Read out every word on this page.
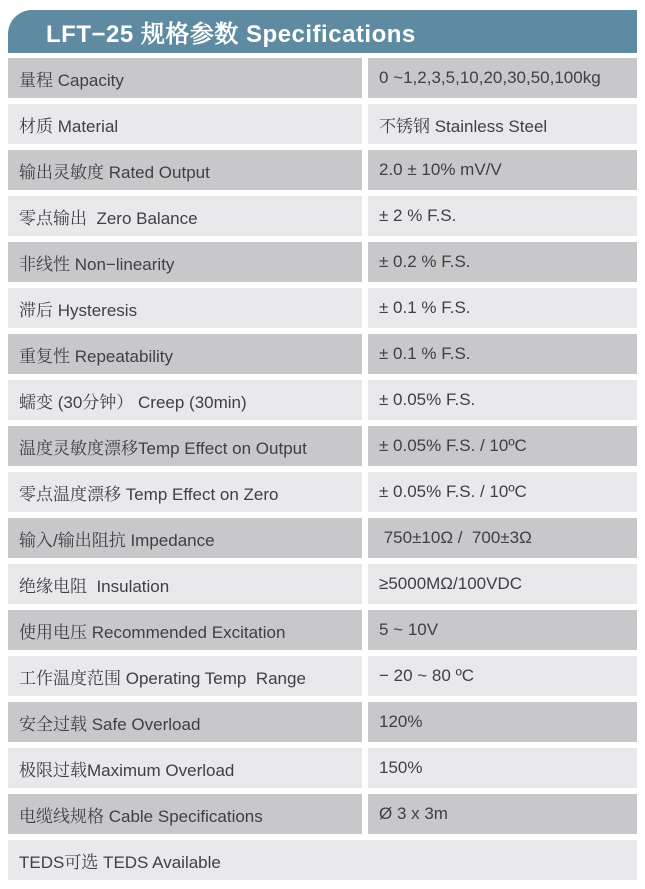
LFT−25 规格参数 Specifications
量程 Capacity	0 ~1,2,3,5,10,20,30,50,100kg
材质 Material	不锈钢 Stainless Steel
输出灵敏度 Rated Output	2.0 ± 10% mV/V
零点输出  Zero Balance	± 2 % F.S.
非线性 Non−linearity	± 0.2 % F.S.
滞后 Hysteresis	± 0.1 % F.S.
重复性 Repeatability	± 0.1 % F.S.
蠕变 (30分钟） Creep (30min)	± 0.05% F.S.
温度灵敏度漂移Temp Effect on Output	± 0.05% F.S. / 10ºC
零点温度漂移 Temp Effect on Zero	± 0.05% F.S. / 10ºC
输入/输出阻抗 Impedance	750±10Ω /  700±3Ω
绝缘电阻  Insulation	≥5000MΩ/100VDC
使用电压 Recommended Excitation	5 ~ 10V
工作温度范围 Operating Temp  Range	− 20 ~ 80 ºC
安全过载 Safe Overload	120%
极限过载Maximum Overload	150%
电缆线规格 Cable Specifications	Ø 3 x 3m
TEDS可选 TEDS Available
